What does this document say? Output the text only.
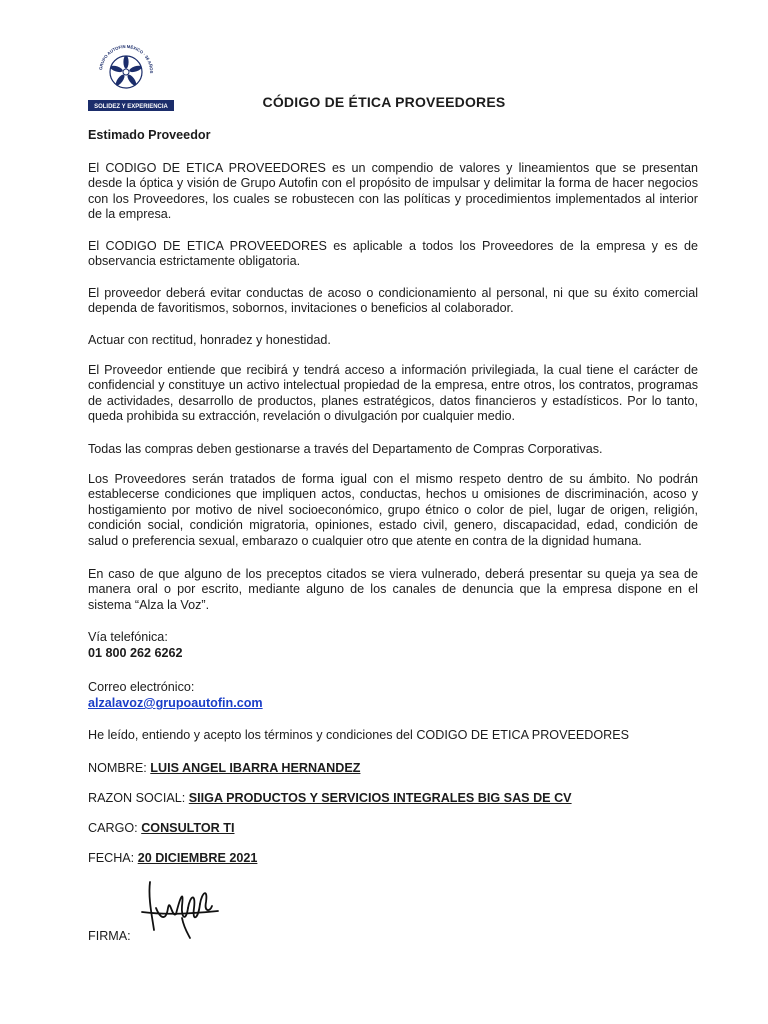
GRUPO AUTOFIN MÉXICO · 36 AÑOS
SOLIDEZ Y EXPERIENCIA	CÓDIGO DE ÉTICA PROVEEDORES
Estimado Proveedor
El CODIGO DE ETICA PROVEEDORES es un compendio de valores y lineamientos que se presentan desde la óptica y visión de Grupo Autofin con el propósito de impulsar y delimitar la forma de hacer negocios con los Proveedores, los cuales se robustecen con las políticas y procedimientos implementados al interior de la empresa.
El CODIGO DE ETICA PROVEEDORES es aplicable a todos los Proveedores de la empresa y es de observancia estrictamente obligatoria.
El proveedor deberá evitar conductas de acoso o condicionamiento al personal, ni que su éxito comercial dependa de favoritismos, sobornos, invitaciones o beneficios al colaborador.
Actuar con rectitud, honradez y honestidad.
El Proveedor entiende que recibirá y tendrá acceso a información privilegiada, la cual tiene el carácter de confidencial y constituye un activo intelectual propiedad de la empresa, entre otros, los contratos, programas de actividades, desarrollo de productos, planes estratégicos, datos financieros y estadísticos. Por lo tanto, queda prohibida su extracción, revelación o divulgación por cualquier medio.
Todas las compras deben gestionarse a través del Departamento de Compras Corporativas.
Los Proveedores serán tratados de forma igual con el mismo respeto dentro de su ámbito. No podrán establecerse condiciones que impliquen actos, conductas, hechos u omisiones de discriminación, acoso y hostigamiento por motivo de nivel socioeconómico, grupo étnico o color de piel, lugar de origen, religión, condición social, condición migratoria, opiniones, estado civil, genero, discapacidad, edad, condición de salud o preferencia sexual, embarazo o cualquier otro que atente en contra de la dignidad humana.
En caso de que alguno de los preceptos citados se viera vulnerado, deberá presentar su queja ya sea de manera oral o por escrito, mediante alguno de los canales de denuncia que la empresa dispone en el sistema “Alza la Voz”.
Vía telefónica:
01 800 262 6262
Correo electrónico:
alzalavoz@grupoautofin.com
He leído, entiendo y acepto los términos y condiciones del CODIGO DE ETICA PROVEEDORES
NOMBRE: LUIS ANGEL IBARRA HERNANDEZ
RAZON SOCIAL: SIIGA PRODUCTOS Y SERVICIOS INTEGRALES BIG SAS DE CV
CARGO: CONSULTOR TI
FECHA: 20 DICIEMBRE 2021
FIRMA:
